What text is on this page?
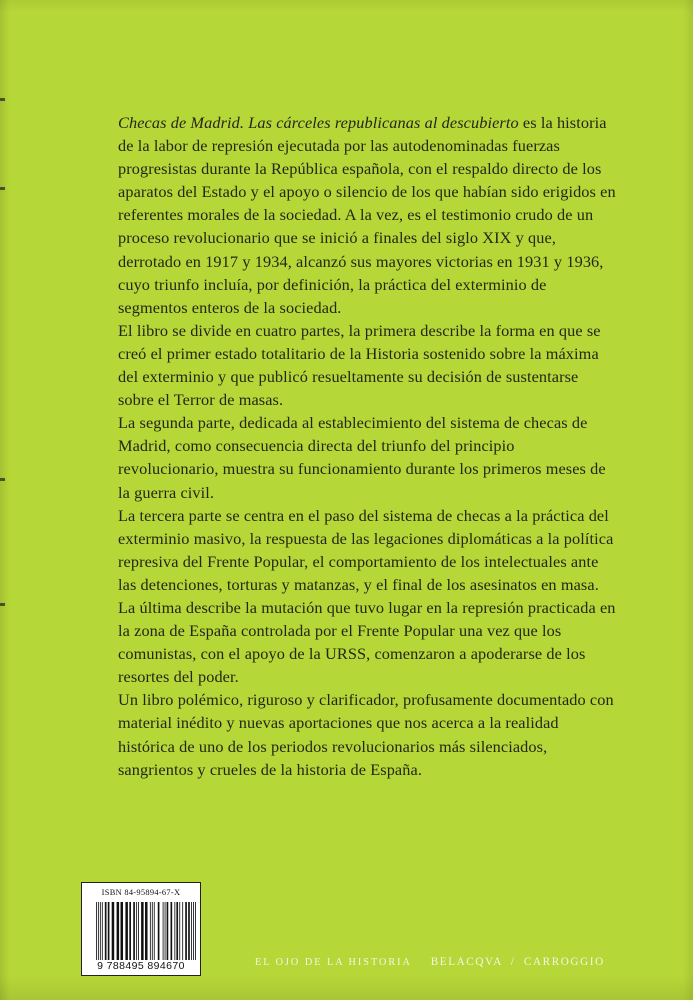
Checas de Madrid. Las cárceles republicanas al descubierto es la historia de la labor de represión ejecutada por las autodenominadas fuerzas progresistas durante la República española, con el respaldo directo de los aparatos del Estado y el apoyo o silencio de los que habían sido erigidos en referentes morales de la sociedad. A la vez, es el testimonio crudo de un proceso revolucionario que se inició a finales del siglo XIX y que, derrotado en 1917 y 1934, alcanzó sus mayores victorias en 1931 y 1936, cuyo triunfo incluía, por definición, la práctica del exterminio de segmentos enteros de la sociedad.

El libro se divide en cuatro partes, la primera describe la forma en que se creó el primer estado totalitario de la Historia sostenido sobre la máxima del exterminio y que publicó resueltamente su decisión de sustentarse sobre el Terror de masas.

La segunda parte, dedicada al establecimiento del sistema de checas de Madrid, como consecuencia directa del triunfo del principio revolucionario, muestra su funcionamiento durante los primeros meses de la guerra civil.

La tercera parte se centra en el paso del sistema de checas a la práctica del exterminio masivo, la respuesta de las legaciones diplomáticas a la política represiva del Frente Popular, el comportamiento de los intelectuales ante las detenciones, torturas y matanzas, y el final de los asesinatos en masa.

La última describe la mutación que tuvo lugar en la represión practicada en la zona de España controlada por el Frente Popular una vez que los comunistas, con el apoyo de la URSS, comenzaron a apoderarse de los resortes del poder.

Un libro polémico, riguroso y clarificador, profusamente documentado con material inédito y nuevas aportaciones que nos acerca a la realidad histórica de uno de los periodos revolucionarios más silenciados, sangrientos y crueles de la historia de España.

ISBN 84-95894-67-X
9 788495 894670	EL OJO DE LA HISTORIA BELACQVA / CARROGGIO
